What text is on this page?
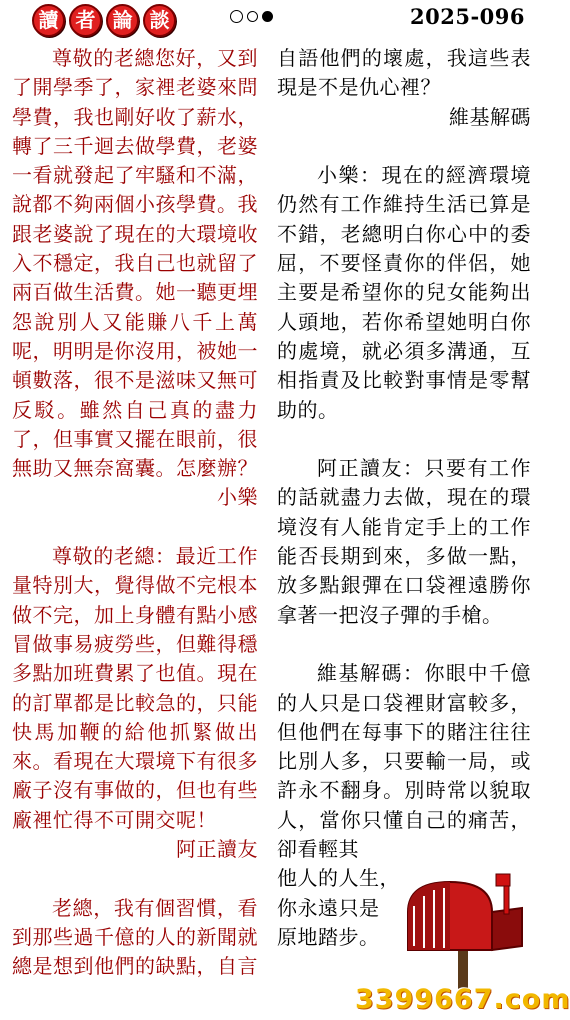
讀 者 論 談	2025-096

尊敬的老總您好，又到了開學季了，家裡老婆來問學費，我也剛好收了薪水，轉了三千迴去做學費，老婆一看就發起了牢騷和不滿，說都不夠兩個小孩學費。我跟老婆說了現在的大環境收入不穩定，我自己也就留了兩百做生活費。她一聽更埋怨說別人又能賺八千上萬呢，明明是你沒用，被她一頓數落，很不是滋味又無可反駁。雖然自己真的盡力了，但事實又擺在眼前，很無助又無奈窩囊。怎麼辦？

小樂

尊敬的老總：最近工作量特別大，覺得做不完根本做不完，加上身體有點小感冒做事易疲勞些，但難得穩多點加班費累了也值。現在的訂單都是比較急的，只能快馬加鞭的給他抓緊做出來。看現在大環境下有很多廠子沒有事做的，但也有些廠裡忙得不可開交呢！

阿正讀友

老總，我有個習慣，看到那些過千億的人的新聞就總是想到他們的缺點，自言

自語他們的壞處，我這些表現是不是仇心裡？

維基解碼

小樂：現在的經濟環境仍然有工作維持生活已算是不錯，老總明白你心中的委屈，不要怪責你的伴侶，她主要是希望你的兒女能夠出人頭地，若你希望她明白你的處境，就必須多溝通，互相指責及比較對事情是零幫助的。

阿正讀友：只要有工作的話就盡力去做，現在的環境沒有人能肯定手上的工作能否長期到來，多做一點，放多點銀彈在口袋裡遠勝你拿著一把沒子彈的手槍。

維基解碼：你眼中千億的人只是口袋裡財富較多，但他們在每事下的賭注往往比別人多，只要輸一局，或許永不翻身。別時常以貌取人，當你只懂自己的痛苦，卻看輕其

他人的人生，

你永遠只是

原地踏步。

3399667.com
